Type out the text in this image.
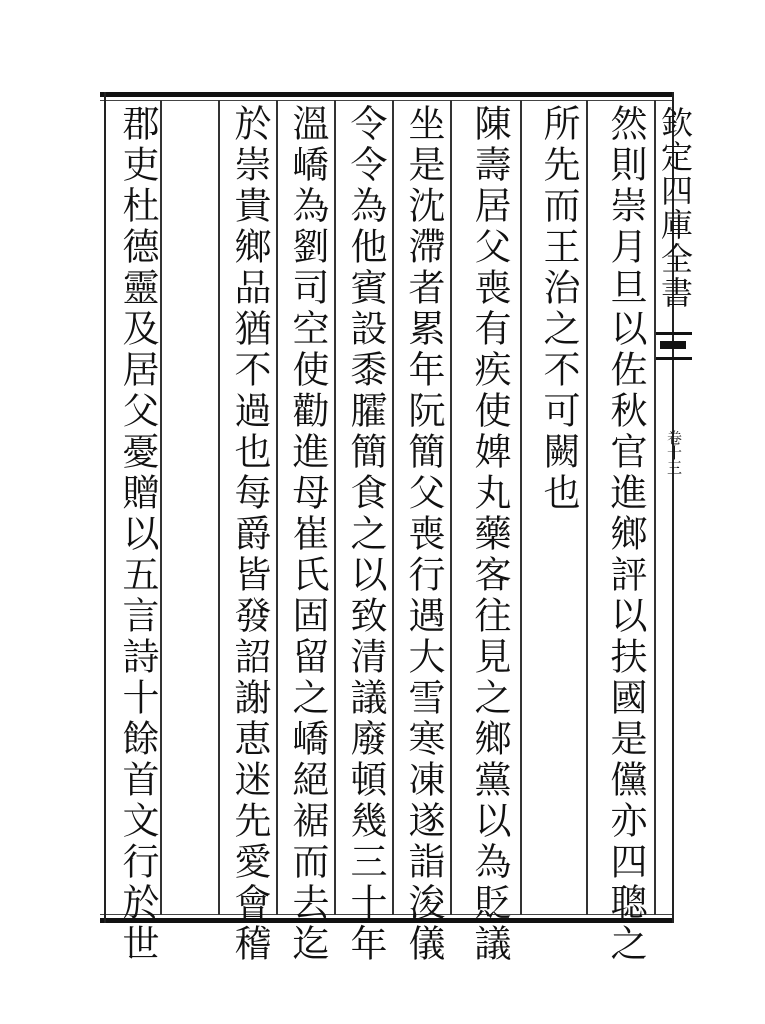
欽定四庫全書
卷十三
然則崇月旦以佐秋官進鄉評以扶國是儻亦四聰之
所先而王治之不可闕也
陳壽居父喪有疾使婢丸藥客往見之鄉黨以為貶議
坐是沈滯者累年阮簡父喪行遇大雪寒凍遂詣浚儀
令令為他賓設黍臛簡食之以致清議廢頓幾三十年
溫嶠為劉司空使勸進母崔氏固留之嶠絕裾而去迄
於崇貴鄉品猶不過也每爵皆發詔謝恵迷先愛會稽
郡吏杜德靈及居父憂贈以五言詩十餘首文行於世
